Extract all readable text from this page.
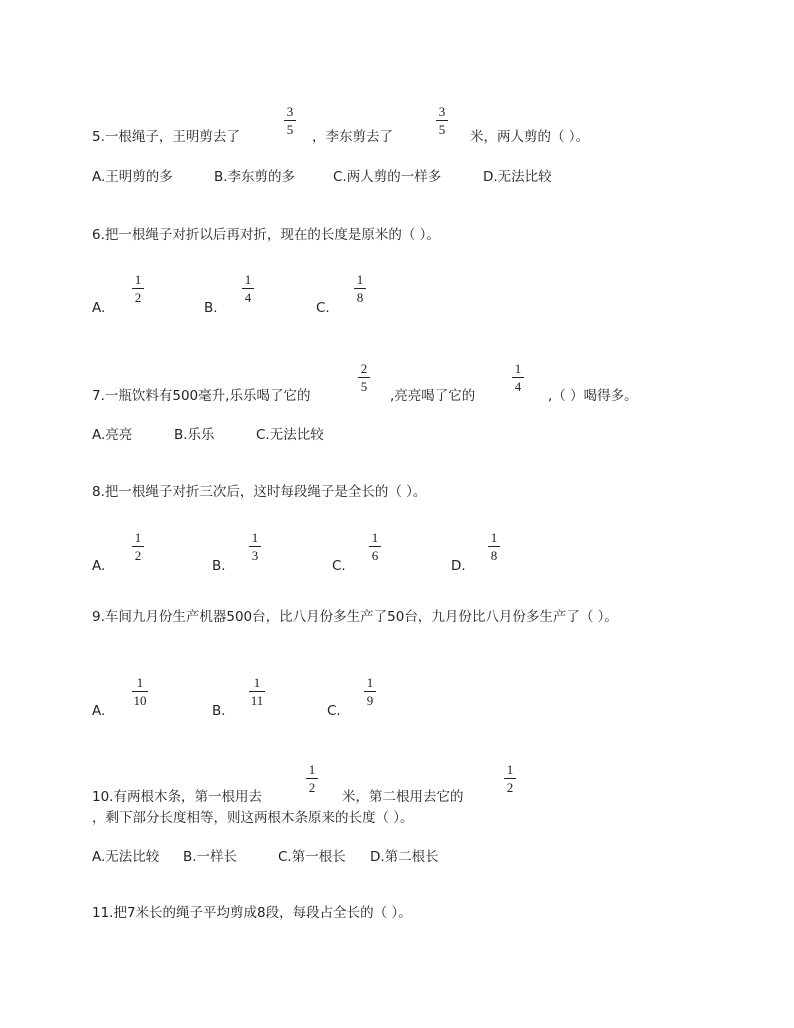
5.一根绳子，王明剪去了
3
5 ，李东剪去了
3
5 米，两人剪的（ ）。
A.王明剪的多	B.李东剪的多	C.两人剪的一样多	D.无法比较
6.把一根绳子对折以后再对折，现在的长度是原米的（ ）。
A.
1
2
B.
1
4
C.
1
8
7.一瓶饮料有500毫升,乐乐喝了它的
2
5
,亮亮喝了它的
1
4
,（ ）喝得多。
A.亮亮	B.乐乐	C.无法比较
8.把一根绳子对折三次后，这时每段绳子是全长的（ ）。
A.
1
2
B.
1
3
C.
1
6
D.
1
8
9.车间九月份生产机器500台，比八月份多生产了50台，九月份比八月份多生产了（ ）。
A.
1
10
B.
1
11
C.
1
9
10.有两根木条，第一根用去
1
2
米，第二根用去它的
1
2
，剩下部分长度相等，则这两根木条原来的长度（ ）。
A.无法比较 B.一样长	C.第一根长 D.第二根长
11.把7米长的绳子平均剪成8段，每段占全长的（ ）。
